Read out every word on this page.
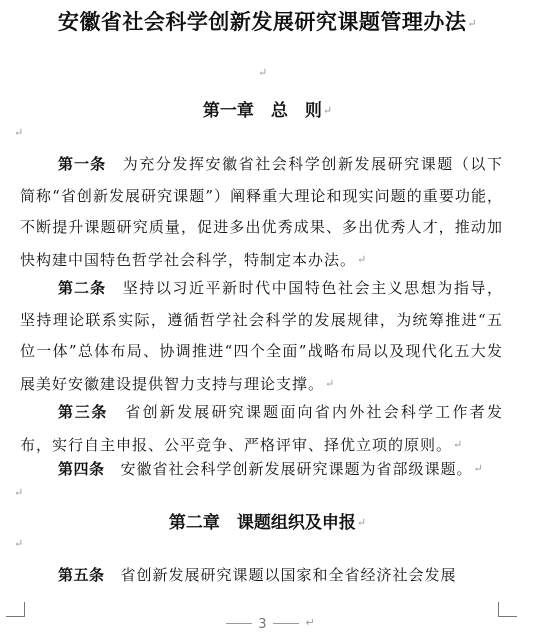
安徽省社会科学创新发展研究课题管理办法↵
↵
第一章　总　则↵
↵
第一条　 为充分发挥安徽省社会科学创新发展研究课题（以下简称“省创新发展研究课题”）阐释重大理论和现实问题的重要功能，不断提升课题研究质量，促进多出优秀成果、多出优秀人才，推动加快构建中国特色哲学社会科学，特制定本办法。↵
第二条　 坚持以习近平新时代中国特色社会主义思想为指导，坚持理论联系实际，遵循哲学社会科学的发展规律，为统筹推进“五位一体”总体布局、协调推进“四个全面”战略布局以及现代化五大发展美好安徽建设提供智力支持与理论支撑。↵
第三条　 省创新发展研究课题面向省内外社会科学工作者发布，实行自主申报、公平竞争、严格评审、择优立项的原则。↵
第四条　 安徽省社会科学创新发展研究课题为省部级课题。↵
↵
第二章　课题组织及申报↵
↵
第五条　 省创新发展研究课题以国家和全省经济社会发展
3	↵
